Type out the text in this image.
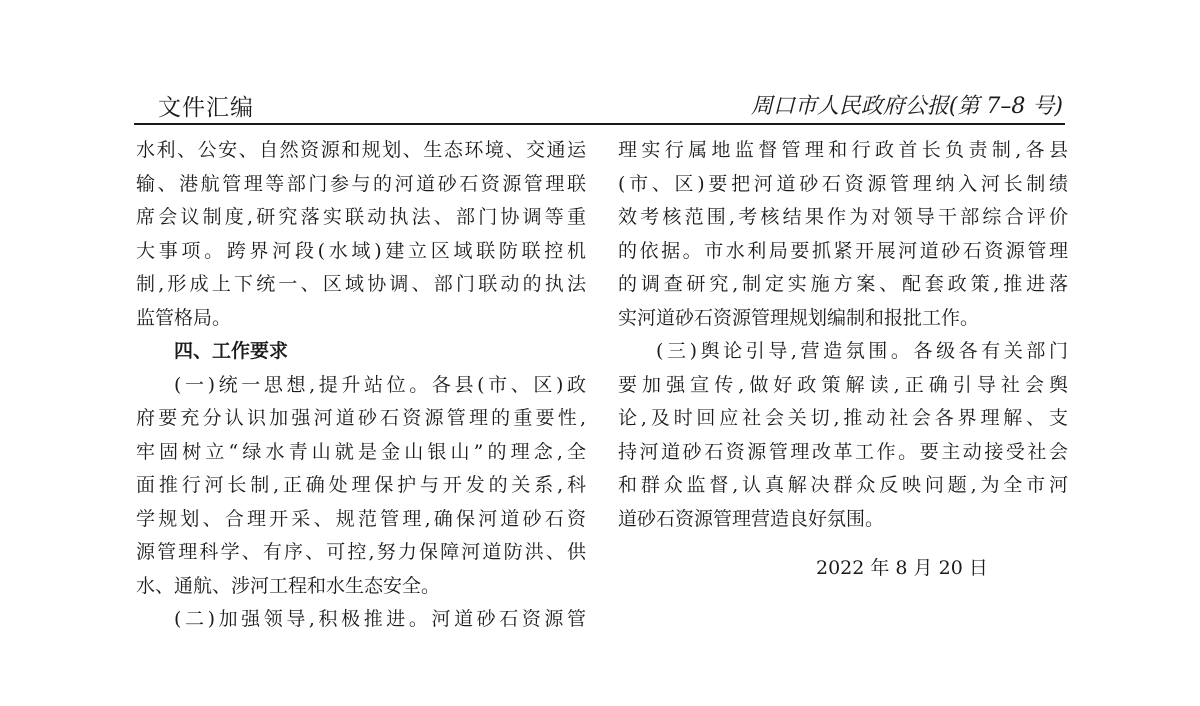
文件汇编	周口市人民政府公报(第 7–8 号)
水利、公安、自然资源和规划、生态环境、交通运
输、港航管理等部门参与的河道砂石资源管理联
席会议制度,研究落实联动执法、部门协调等重
大事项。跨界河段(水域)建立区域联防联控机
制,形成上下统一、区域协调、部门联动的执法
监管格局。
四、工作要求
(一)统一思想,提升站位。各县(市、区)政
府要充分认识加强河道砂石资源管理的重要性,
牢固树立“绿水青山就是金山银山”的理念,全
面推行河长制,正确处理保护与开发的关系,科
学规划、合理开采、规范管理,确保河道砂石资
源管理科学、有序、可控,努力保障河道防洪、供
水、通航、涉河工程和水生态安全。
(二)加强领导,积极推进。河道砂石资源管
理实行属地监督管理和行政首长负责制,各县
(市、区)要把河道砂石资源管理纳入河长制绩
效考核范围,考核结果作为对领导干部综合评价
的依据。市水利局要抓紧开展河道砂石资源管理
的调查研究,制定实施方案、配套政策,推进落
实河道砂石资源管理规划编制和报批工作。
(三)舆论引导,营造氛围。各级各有关部门
要加强宣传,做好政策解读,正确引导社会舆
论,及时回应社会关切,推动社会各界理解、支
持河道砂石资源管理改革工作。要主动接受社会
和群众监督,认真解决群众反映问题,为全市河
道砂石资源管理营造良好氛围。
2022 年 8 月 20 日
